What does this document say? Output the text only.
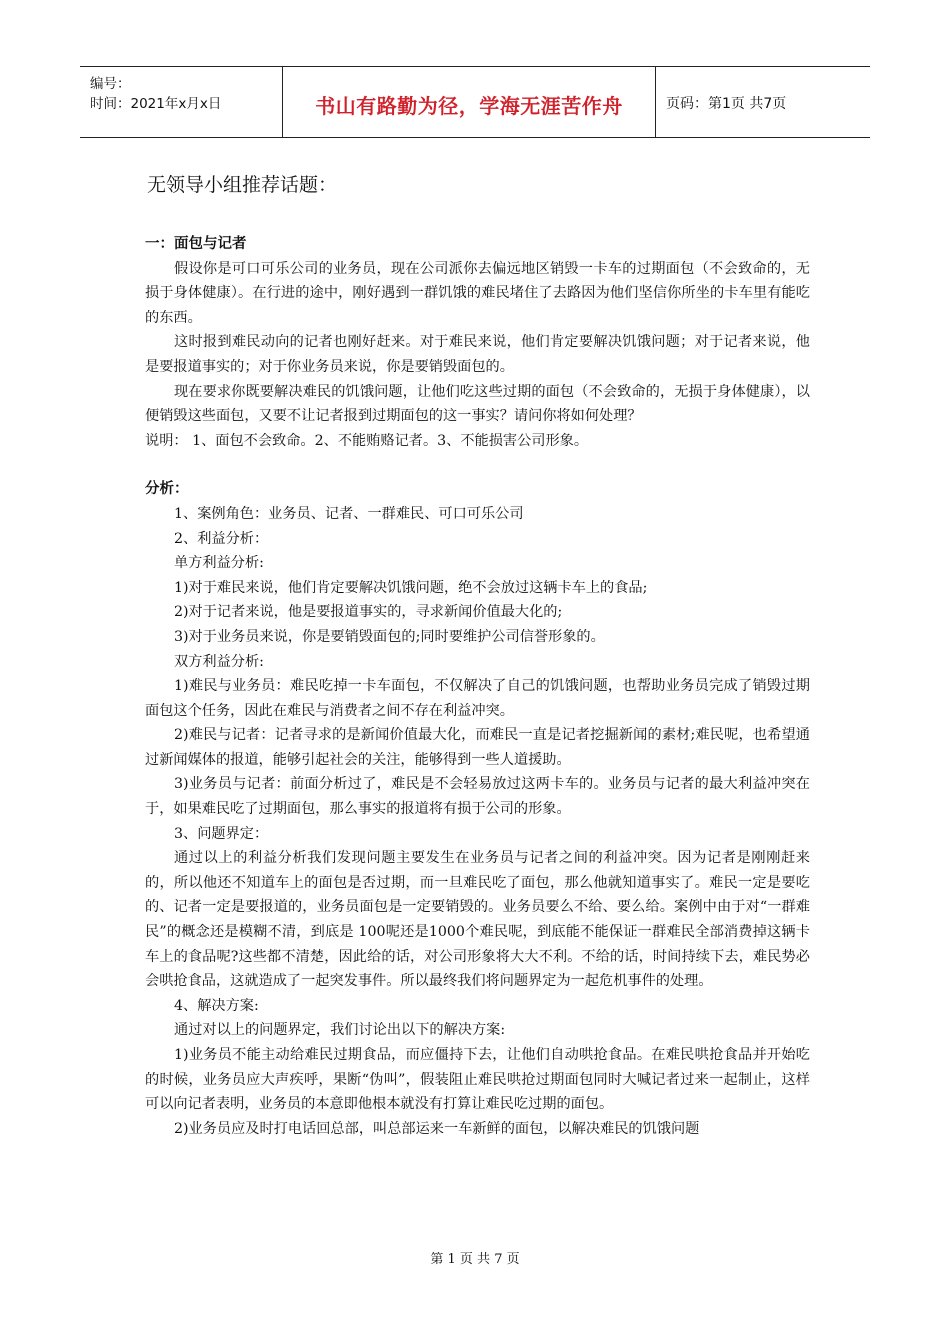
编号：
时间：2021年x月x日	书山有路勤为径，学海无涯苦作舟	页码：第1页 共7页
无领导小组推荐话题：

一：面包与记者

假设你是可口可乐公司的业务员，现在公司派你去偏远地区销毁一卡车的过期面包（不会致命的，无损于身体健康）。在行进的途中，刚好遇到一群饥饿的难民堵住了去路因为他们坚信你所坐的卡车里有能吃的东西。

这时报到难民动向的记者也刚好赶来。对于难民来说，他们肯定要解决饥饿问题；对于记者来说，他是要报道事实的；对于你业务员来说，你是要销毁面包的。

现在要求你既要解决难民的饥饿问题，让他们吃这些过期的面包（不会致命的，无损于身体健康），以便销毁这些面包，又要不让记者报到过期面包的这一事实？请问你将如何处理？

说明： 1、面包不会致命。2、不能贿赂记者。3、不能损害公司形象。

分析：

1、案例角色：业务员、记者、一群难民、可口可乐公司

2、利益分析：

单方利益分析:

1)对于难民来说，他们肯定要解决饥饿问题，绝不会放过这辆卡车上的食品;

2)对于记者来说，他是要报道事实的，寻求新闻价值最大化的;

3)对于业务员来说，你是要销毁面包的;同时要维护公司信誉形象的。

双方利益分析:

1)难民与业务员：难民吃掉一卡车面包，不仅解决了自己的饥饿问题，也帮助业务员完成了销毁过期面包这个任务，因此在难民与消费者之间不存在利益冲突。

2)难民与记者：记者寻求的是新闻价值最大化，而难民一直是记者挖掘新闻的素材;难民呢，也希望通过新闻媒体的报道，能够引起社会的关注，能够得到一些人道援助。

3)业务员与记者：前面分析过了，难民是不会轻易放过这两卡车的。业务员与记者的最大利益冲突在于，如果难民吃了过期面包，那么事实的报道将有损于公司的形象。

3、问题界定：

通过以上的利益分析我们发现问题主要发生在业务员与记者之间的利益冲突。因为记者是刚刚赶来的，所以他还不知道车上的面包是否过期，而一旦难民吃了面包，那么他就知道事实了。难民一定是要吃的、记者一定是要报道的，业务员面包是一定要销毁的。业务员要么不给、要么给。案例中由于对“一群难民”的概念还是模糊不清，到底是 100呢还是1000个难民呢，到底能不能保证一群难民全部消费掉这辆卡车上的食品呢?这些都不清楚，因此给的话，对公司形象将大大不利。不给的话，时间持续下去，难民势必会哄抢食品，这就造成了一起突发事件。所以最终我们将问题界定为一起危机事件的处理。

4、解决方案:

通过对以上的问题界定，我们讨论出以下的解决方案:

1)业务员不能主动给难民过期食品，而应僵持下去，让他们自动哄抢食品。在难民哄抢食品并开始吃的时候，业务员应大声疾呼，果断“伪叫”，假装阻止难民哄抢过期面包同时大喊记者过来一起制止，这样可以向记者表明，业务员的本意即他根本就没有打算让难民吃过期的面包。

2)业务员应及时打电话回总部，叫总部运来一车新鲜的面包，以解决难民的饥饿问题

第 1 页 共 7 页
